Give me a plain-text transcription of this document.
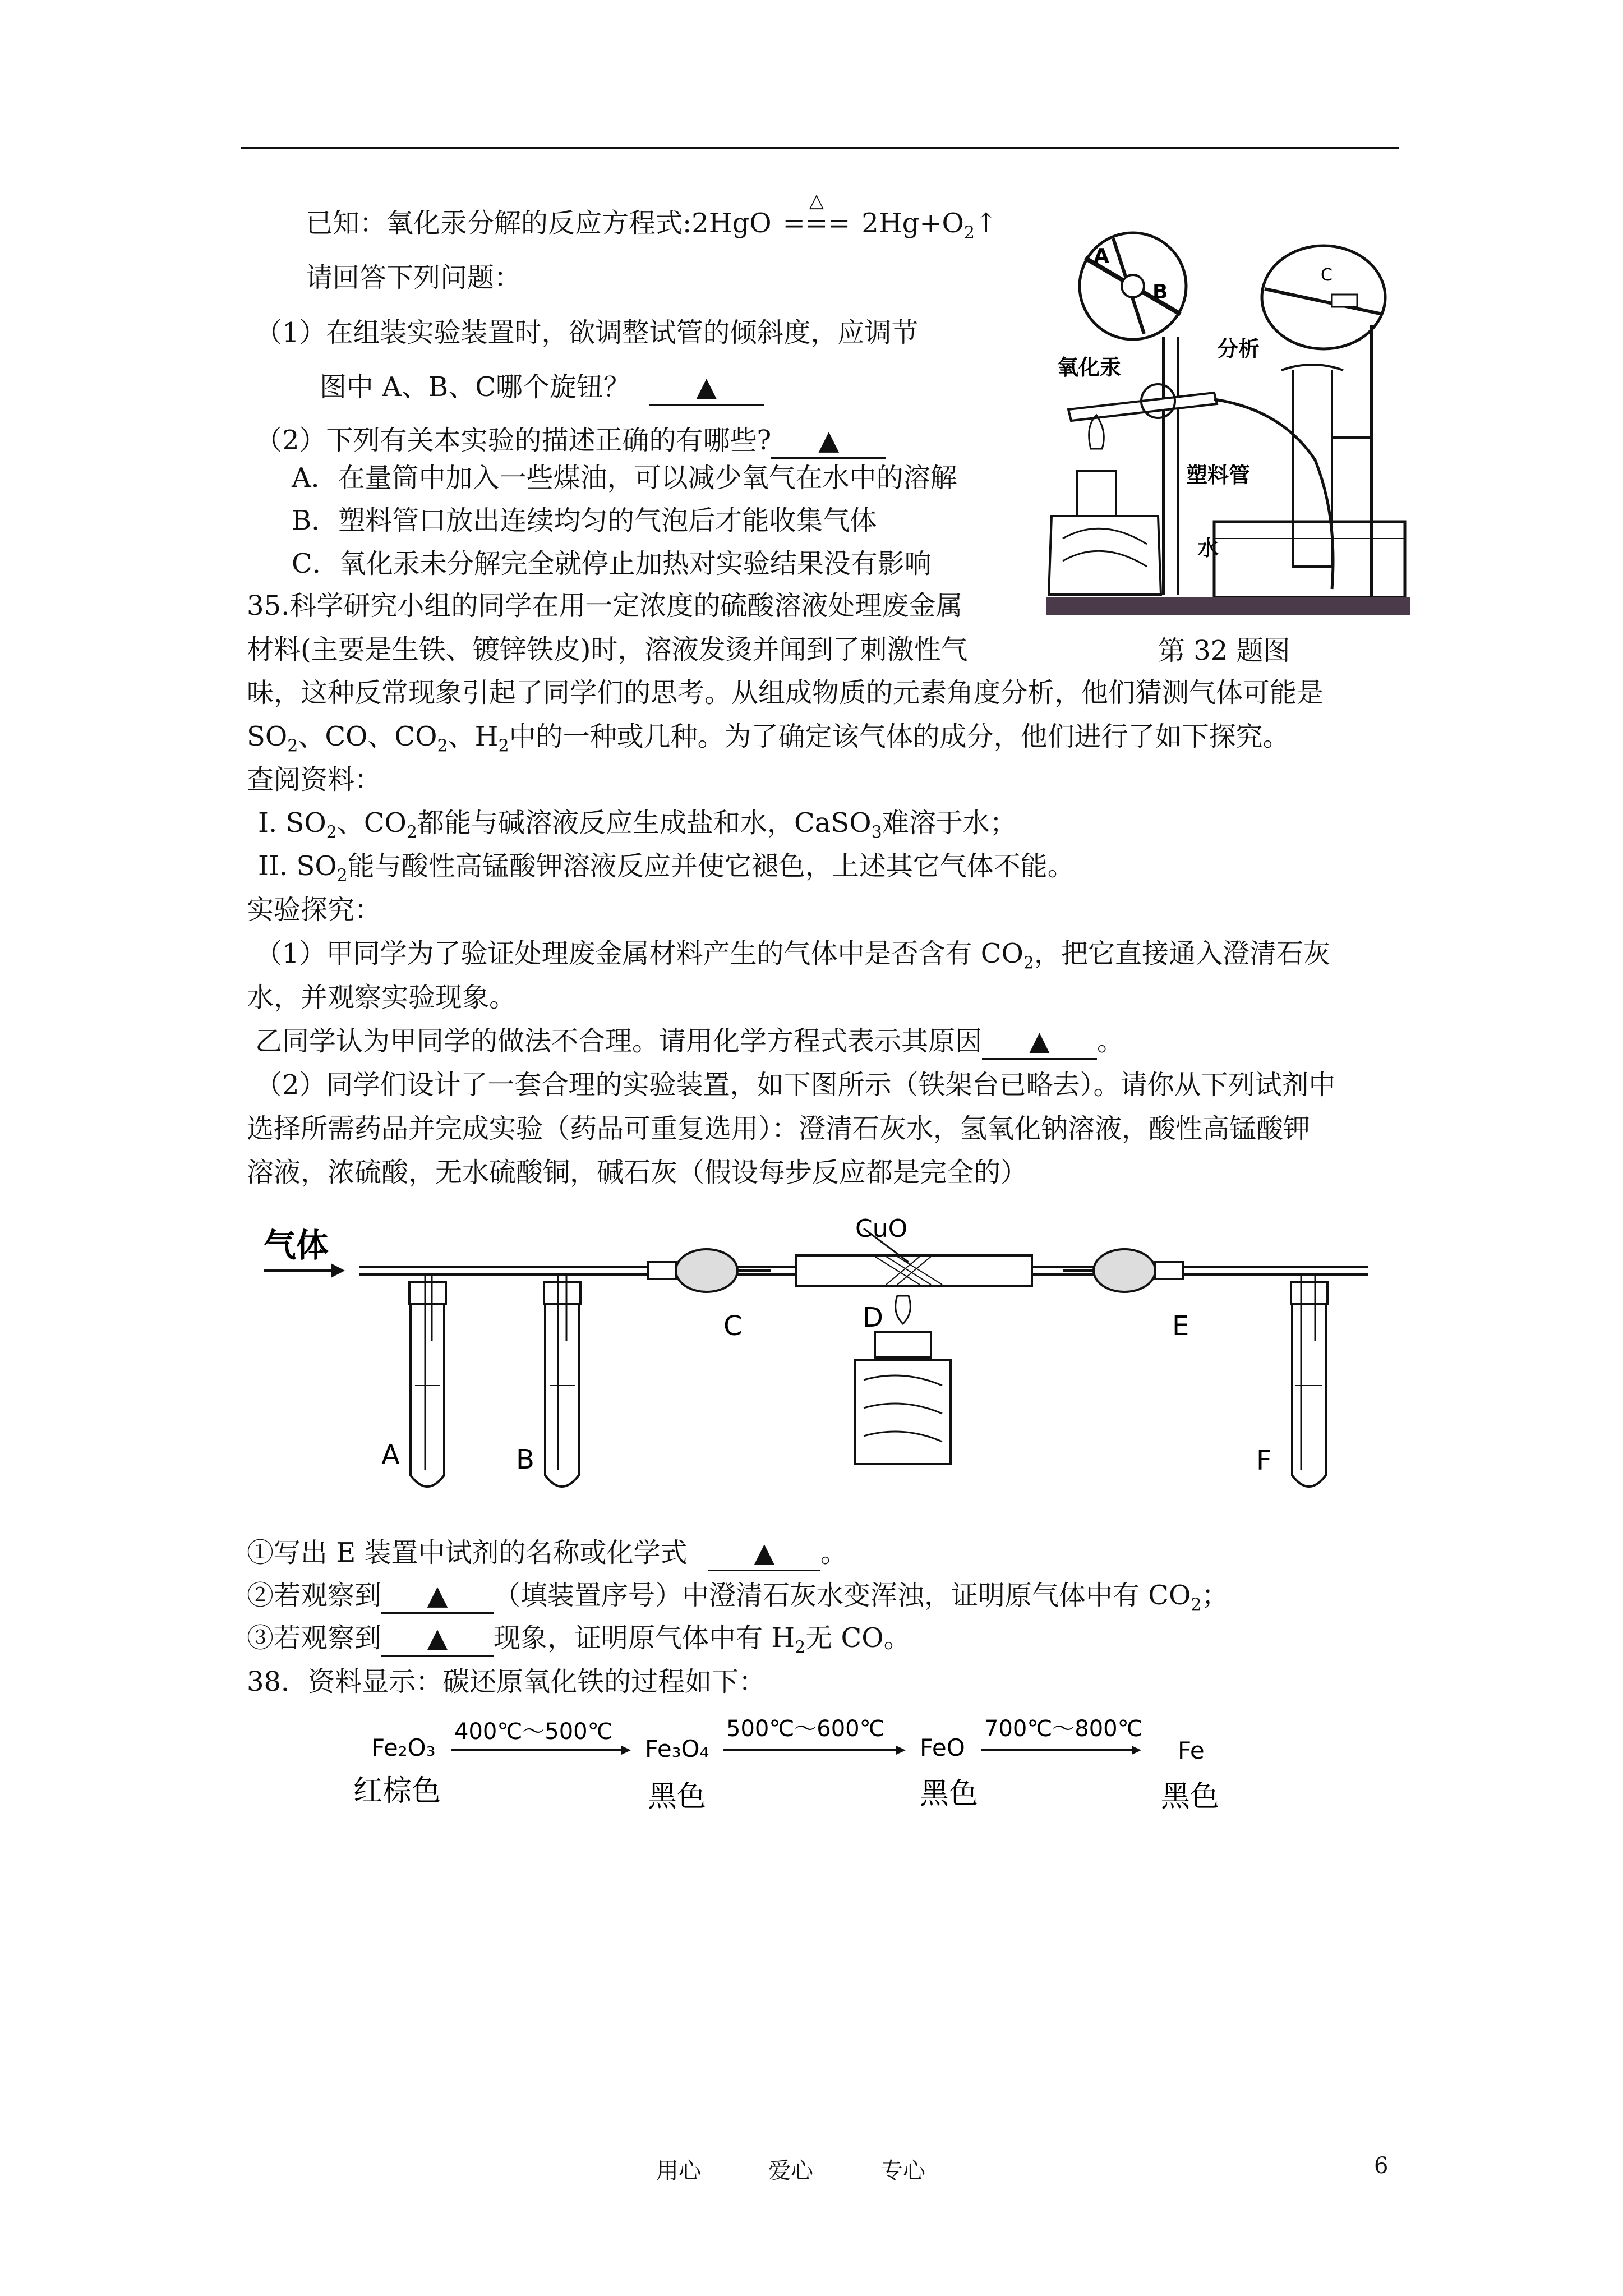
已知：氧化汞分解的反应方程式:2HgO
△
=== $2Hg+O_2↑$
请回答下列问题：
（1）在组装实验装置时，欲调整试管的倾斜度，应调节
图中 A、B、C哪个旋钮？ ▲
（2）下列有关本实验的描述正确的有哪些? ▲
A．在量筒中加入一些煤油，可以减少氧气在水中的溶解
B．塑料管口放出连续均匀的气泡后才能收集气体
C．氧化汞未分解完全就停止加热对实验结果没有影响
A
B
C
分析
氧化汞
塑料管
水
第 32 题图
35.科学研究小组的同学在用一定浓度的硫酸溶液处理废金属
材料(主要是生铁、镀锌铁皮)时，溶液发烫并闻到了刺激性气
味，这种反常现象引起了同学们的思考。从组成物质的元素角度分析，他们猜测气体可能是
$SO_2$、CO、$CO_2$、$H_2$中的一种或几种。为了确定该气体的成分，他们进行了如下探究。
查阅资料：
I. $SO_2$、$CO_2$都能与碱溶液反应生成盐和水，CaSO$_3$难溶于水；
II. $SO_2$能与酸性高锰酸钾溶液反应并使它褪色，上述其它气体不能。
实验探究：
（1）甲同学为了验证处理废金属材料产生的气体中是否含有 $CO_2$，把它直接通入澄清石灰
水，并观察实验现象。
乙同学认为甲同学的做法不合理。请用化学方程式表示其原因 ▲ 。
（2）同学们设计了一套合理的实验装置，如下图所示（铁架台已略去）。请你从下列试剂中
选择所需药品并完成实验（药品可重复选用）：澄清石灰水，氢氧化钠溶液，酸性高锰酸钾
溶液，浓硫酸，无水硫酸铜，碱石灰（假设每步反应都是完全的）
气体	CuO
A	B
C	D	E
F
①写出 E 装置中试剂的名称或化学式 ▲ 。
②若观察到 ▲ （填装置序号）中澄清石灰水变浑浊，证明原气体中有 $CO_2$；
③若观察到 ▲ 现象，证明原气体中有 $H_2$无 CO。
38．资料显示：碳还原氧化铁的过程如下：
Fe₂O₃
红棕色
400℃～500℃
Fe₃O₄
黑色
500℃～600℃
FeO
黑色
700℃～800℃
Fe
黑色
用心	爱心	专心	6
